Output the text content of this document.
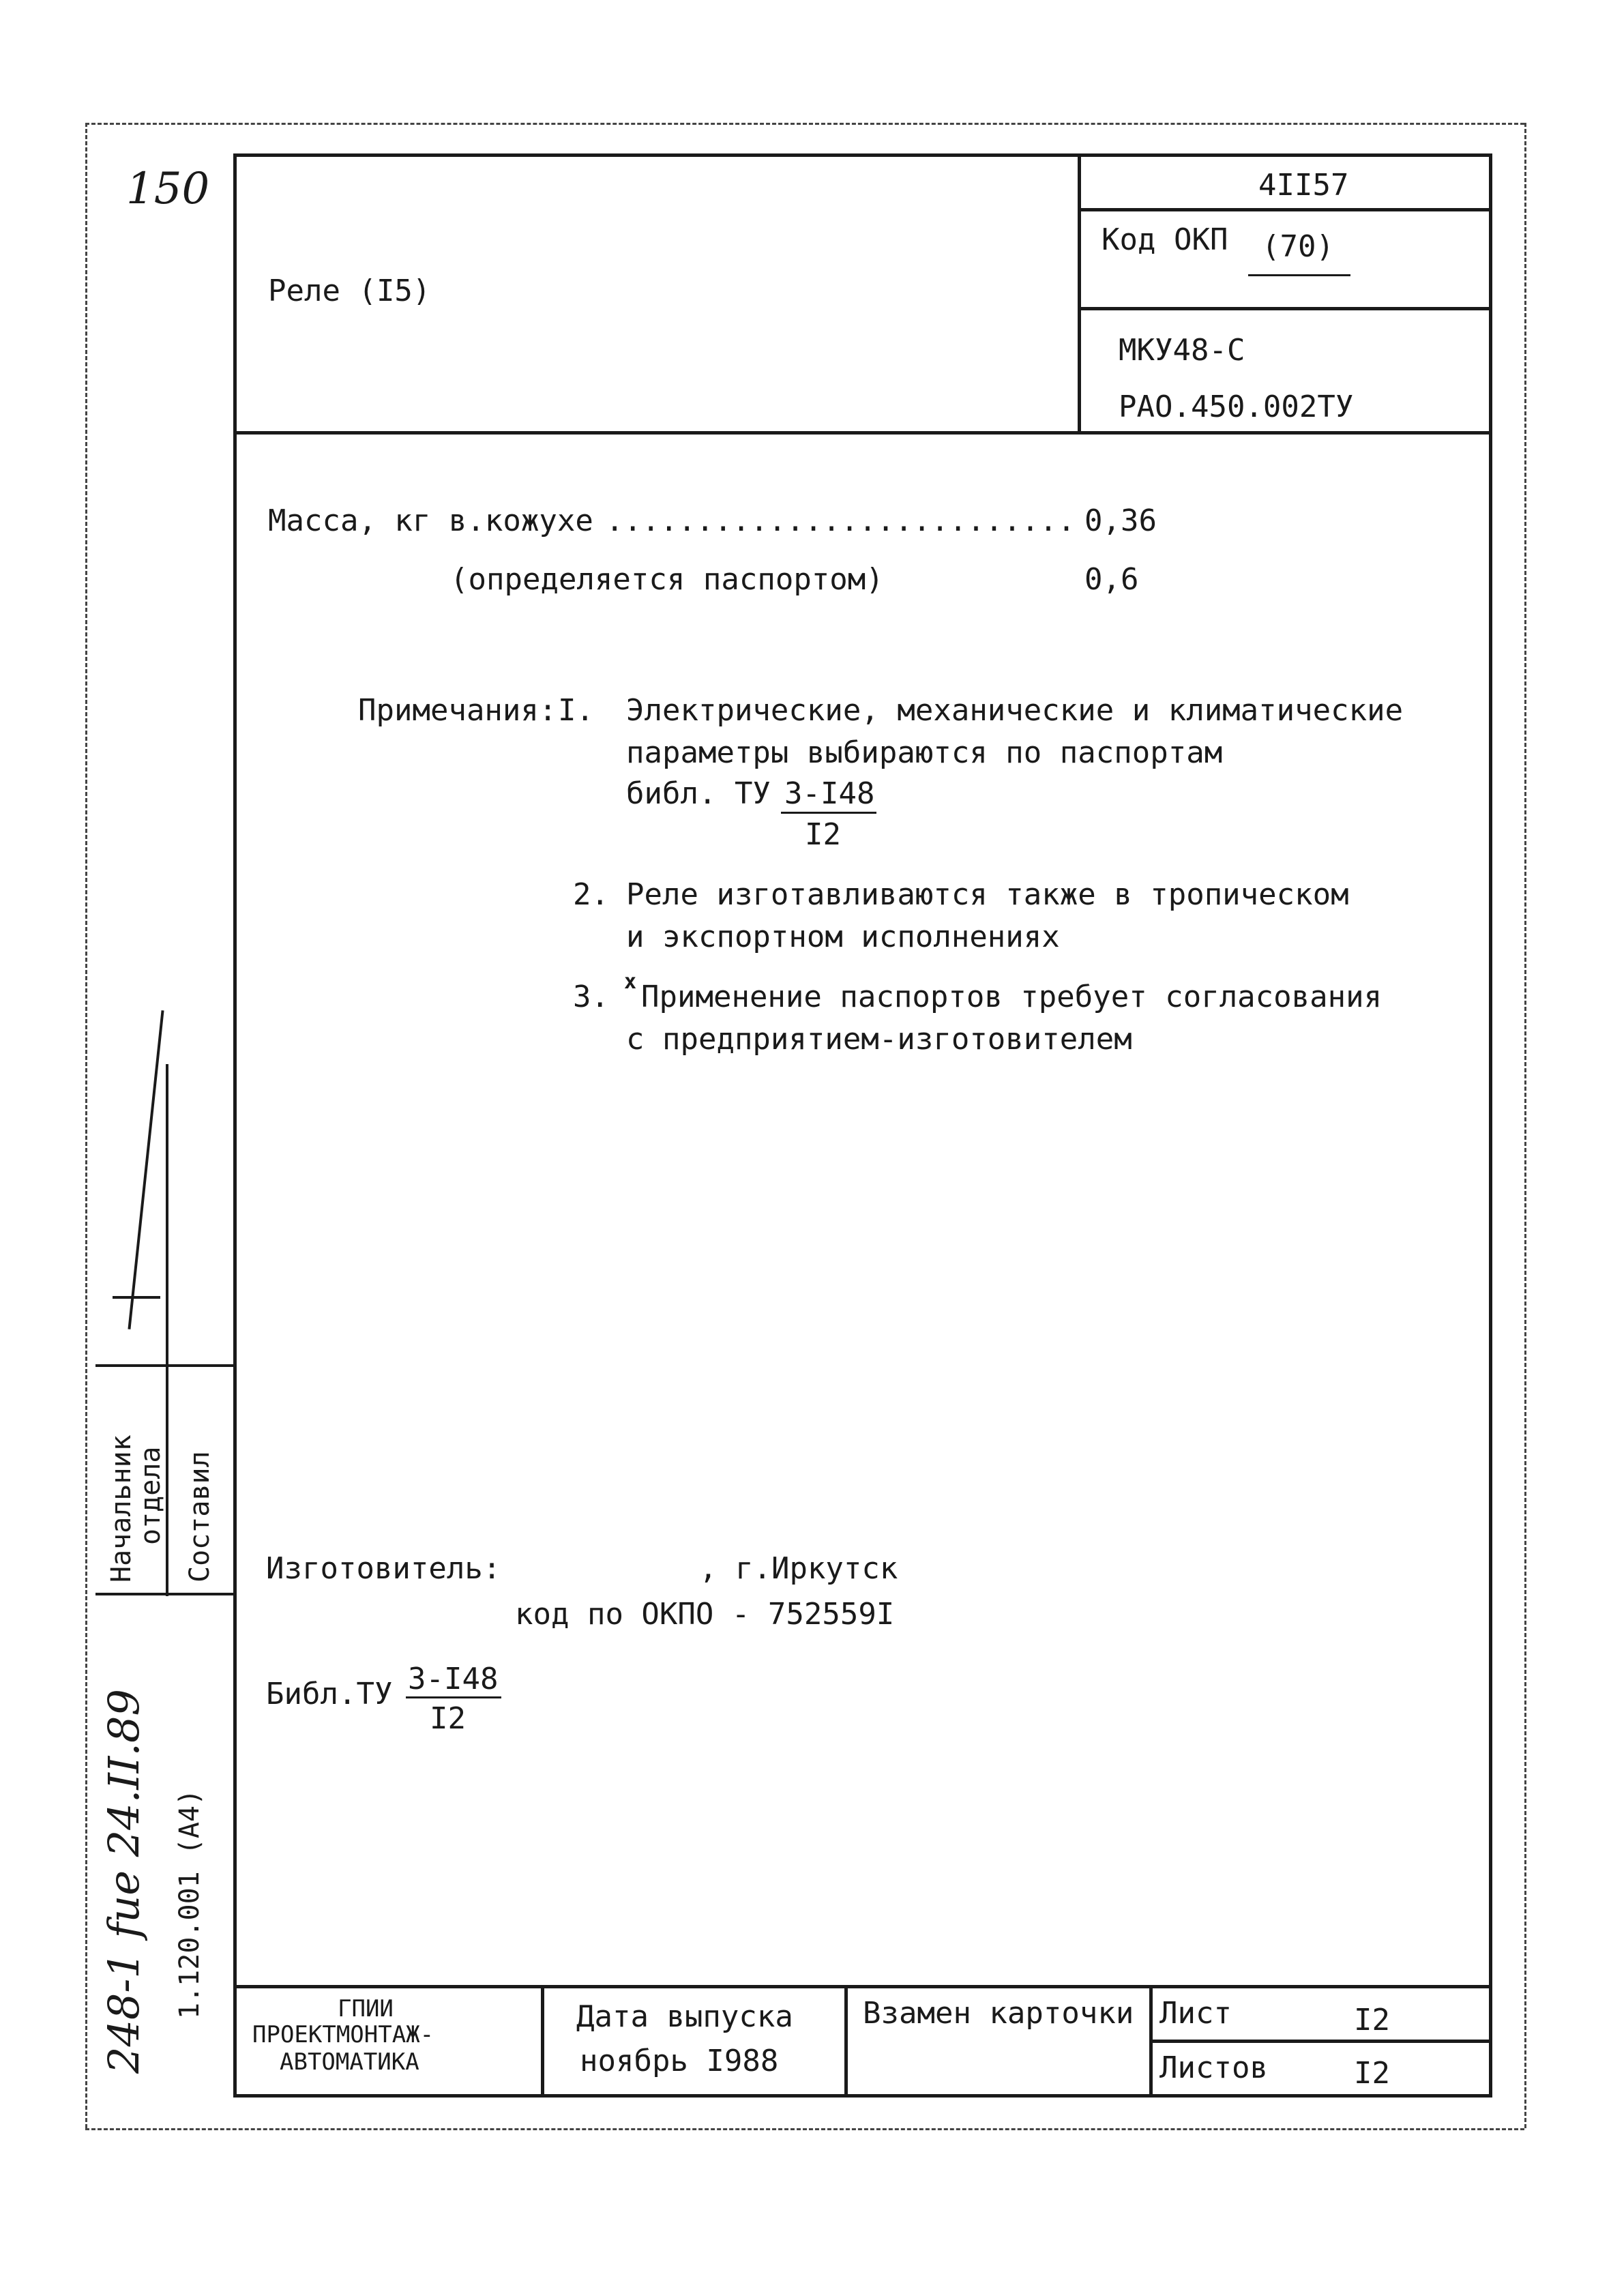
150
Реле (I5)
4II57
Код ОКП (70)
МКУ48-С
РАО.450.002ТУ
Масса, кг в.кожухе .......................... 0,36
(определяется паспортом)	0,6
Примечания: I. Электрические, механические и климатические
параметры выбираются по паспортам
библ. ТУ 3-I48
I2
2. Реле изготавливаются также в тропическом
и экспортном исполнениях
3. x Применение паспортов требует согласования
с предприятием-изготовителем
Изготовитель:	, г.Иркутск
код по ОКПО - 752559I
Библ.ТУ 3-I48
I2
Начальник
отдела Составил
1.120.001 (А4)
248-1 fue 24.II.89	ГПИИ
ПРОЕКТМОНТАЖ-
АВТОМАТИКА
Дата выпуска
ноябрь I988
Взамен карточки Лист	I2
Листов	I2
